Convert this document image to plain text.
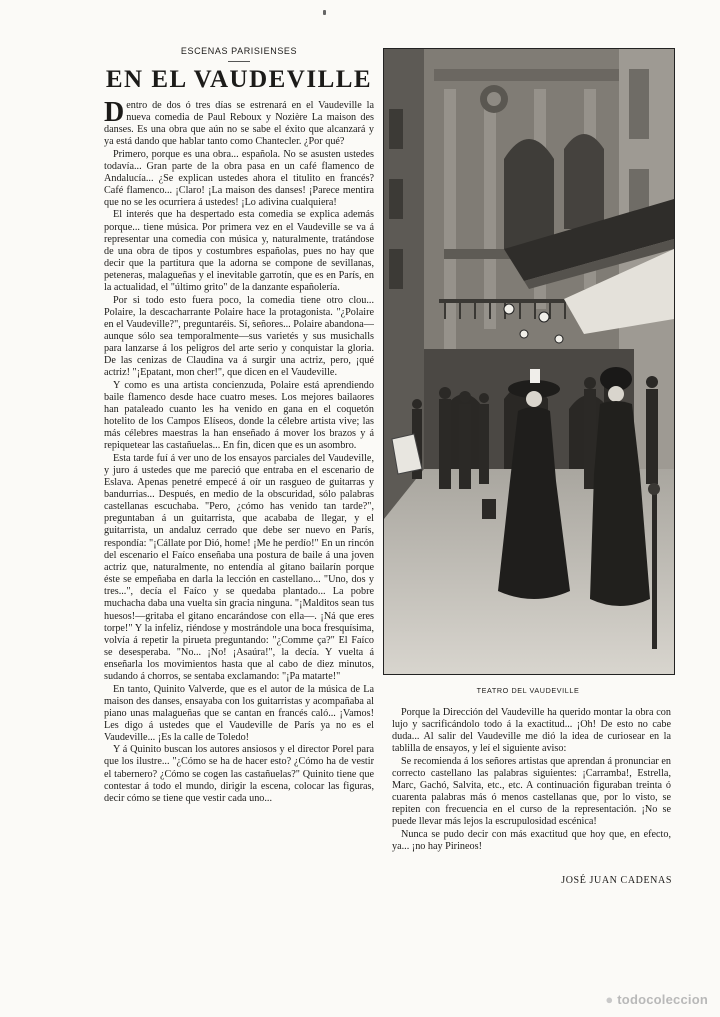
ESCENAS PARISIENSES
EN EL VAUDEVILLE

Dentro de dos ó tres días se estrenará en el Vaudeville la nueva comedia de Paul Reboux y Nozière La maison des danses. Es una obra que aún no se sabe el éxito que alcanzará y ya está dando que hablar tanto como Chantecler. ¿Por qué?

Primero, porque es una obra... española. No se asusten ustedes todavía... Gran parte de la obra pasa en un café flamenco de Andalucía... ¿Se explican ustedes ahora el titulito en francés? Café flamenco... ¡Claro! ¡La maison des danses! ¡Parece mentira que no se les ocurriera á ustedes! ¡Lo adivina cualquiera!

El interés que ha despertado esta comedia se explica además porque... tiene música. Por primera vez en el Vaudeville se va á representar una comedia con música y, naturalmente, tratándose de una obra de tipos y costumbres españolas, pues no hay que decir que la partitura que la adorna se compone de sevillanas, peteneras, malagueñas y el inevitable garrotín, que es en París, en la actualidad, el "último grito" de la danzante españolería.

Por si todo esto fuera poco, la comedia tiene otro clou... Polaire, la descacharrante Polaire hace la protagonista. "¿Polaire en el Vaudeville?", preguntaréis. Sí, señores... Polaire abandona—aunque sólo sea temporalmente—sus varietés y sus musichalls para lanzarse á los peligros del arte serio y conquistar la gloria. De las cenizas de Claudina va á surgir una actriz, pero, ¡qué actriz! "¡Epatant, mon cher!", que dicen en el Vaudeville.

Y como es una artista concienzuda, Polaire está aprendiendo baile flamenco desde hace cuatro meses. Los mejores bailaores han pataleado cuanto les ha venido en gana en el coquetón hotelito de los Campos Elíseos, donde la célebre artista vive; las más célebres maestras la han enseñado á mover los brazos y á repiquetear las castañuelas... En fin, dicen que es un asombro.

Esta tarde fuí á ver uno de los ensayos parciales del Vaudeville, y juro á ustedes que me pareció que entraba en el escenario de Eslava. Apenas penetré empecé á oír un rasgueo de guitarras y bandurrias... Después, en medio de la obscuridad, sólo palabras castellanas escuchaba. "Pero, ¿cómo has venido tan tarde?", preguntaban á un guitarrista, que acababa de llegar, y el guitarrista, un andaluz cerrado que debe ser nuevo en París, respondía: "¡Cállate por Dió, home! ¡Me he perdío!" En un rincón del escenario el Faíco enseñaba una postura de baile á una joven actriz que, naturalmente, no entendía al gitano bailarín porque éste se empeñaba en darla la lección en castellano... "Uno, dos y tres...", decía el Faíco y se quedaba plantado... La pobre muchacha daba una vuelta sin gracia ninguna. "¡Malditos sean tus huesos!—gritaba el gitano encarándose con ella—. ¡Ná que eres torpe!" Y la infeliz, riéndose y mostrándole una boca fresquísima, volvía á repetir la pirueta preguntando: "¿Comme ça?" El Faíco se desesperaba. "No... ¡No! ¡Asaúra!", la decía. Y vuelta á enseñarla los movimientos hasta que al cabo de diez minutos, sudando á chorros, se sentaba exclamando: "¡Pa matarte!"

En tanto, Quinito Valverde, que es el autor de la música de La maison des danses, ensayaba con los guitarristas y acompañaba al piano unas malagueñas que se cantan en francés caló... ¡Vamos! Les digo á ustedes que el Vaudeville de París ya no es el Vaudeville... ¡Es la calle de Toledo!

Y á Quinito buscan los autores ansiosos y el director Porel para que los ilustre... "¿Cómo se ha de hacer esto? ¿Cómo ha de vestir el tabernero? ¿Cómo se cogen las castañuelas?" Quinito tiene que contestar á todo el mundo, dirigir la escena, colocar las figuras, decir cómo se tiene que vestir cada uno...

TEATRO DEL VAUDEVILLE

Porque la Dirección del Vaudeville ha querido montar la obra con lujo y sacrificándolo todo á la exactitud... ¡Oh! De esto no cabe duda... Al salir del Vaudeville me dió la idea de curiosear en la tablilla de ensayos, y leí el siguiente aviso:

Se recomienda á los señores artistas que aprendan á pronunciar en correcto castellano las palabras siguientes: ¡Carramba!, Estrella, Marc, Gachó, Salvita, etc., etc. A continuación figuraban treinta ó cuarenta palabras más ó menos castellanas que, por lo visto, se repiten con frecuencia en el curso de la representación. ¡No se puede llevar más lejos la escrupulosidad escénica!

Nunca se pudo decir con más exactitud que hoy que, en efecto, ya... ¡no hay Pirineos!

JOSÉ JUAN CADENAS
● todocoleccion
